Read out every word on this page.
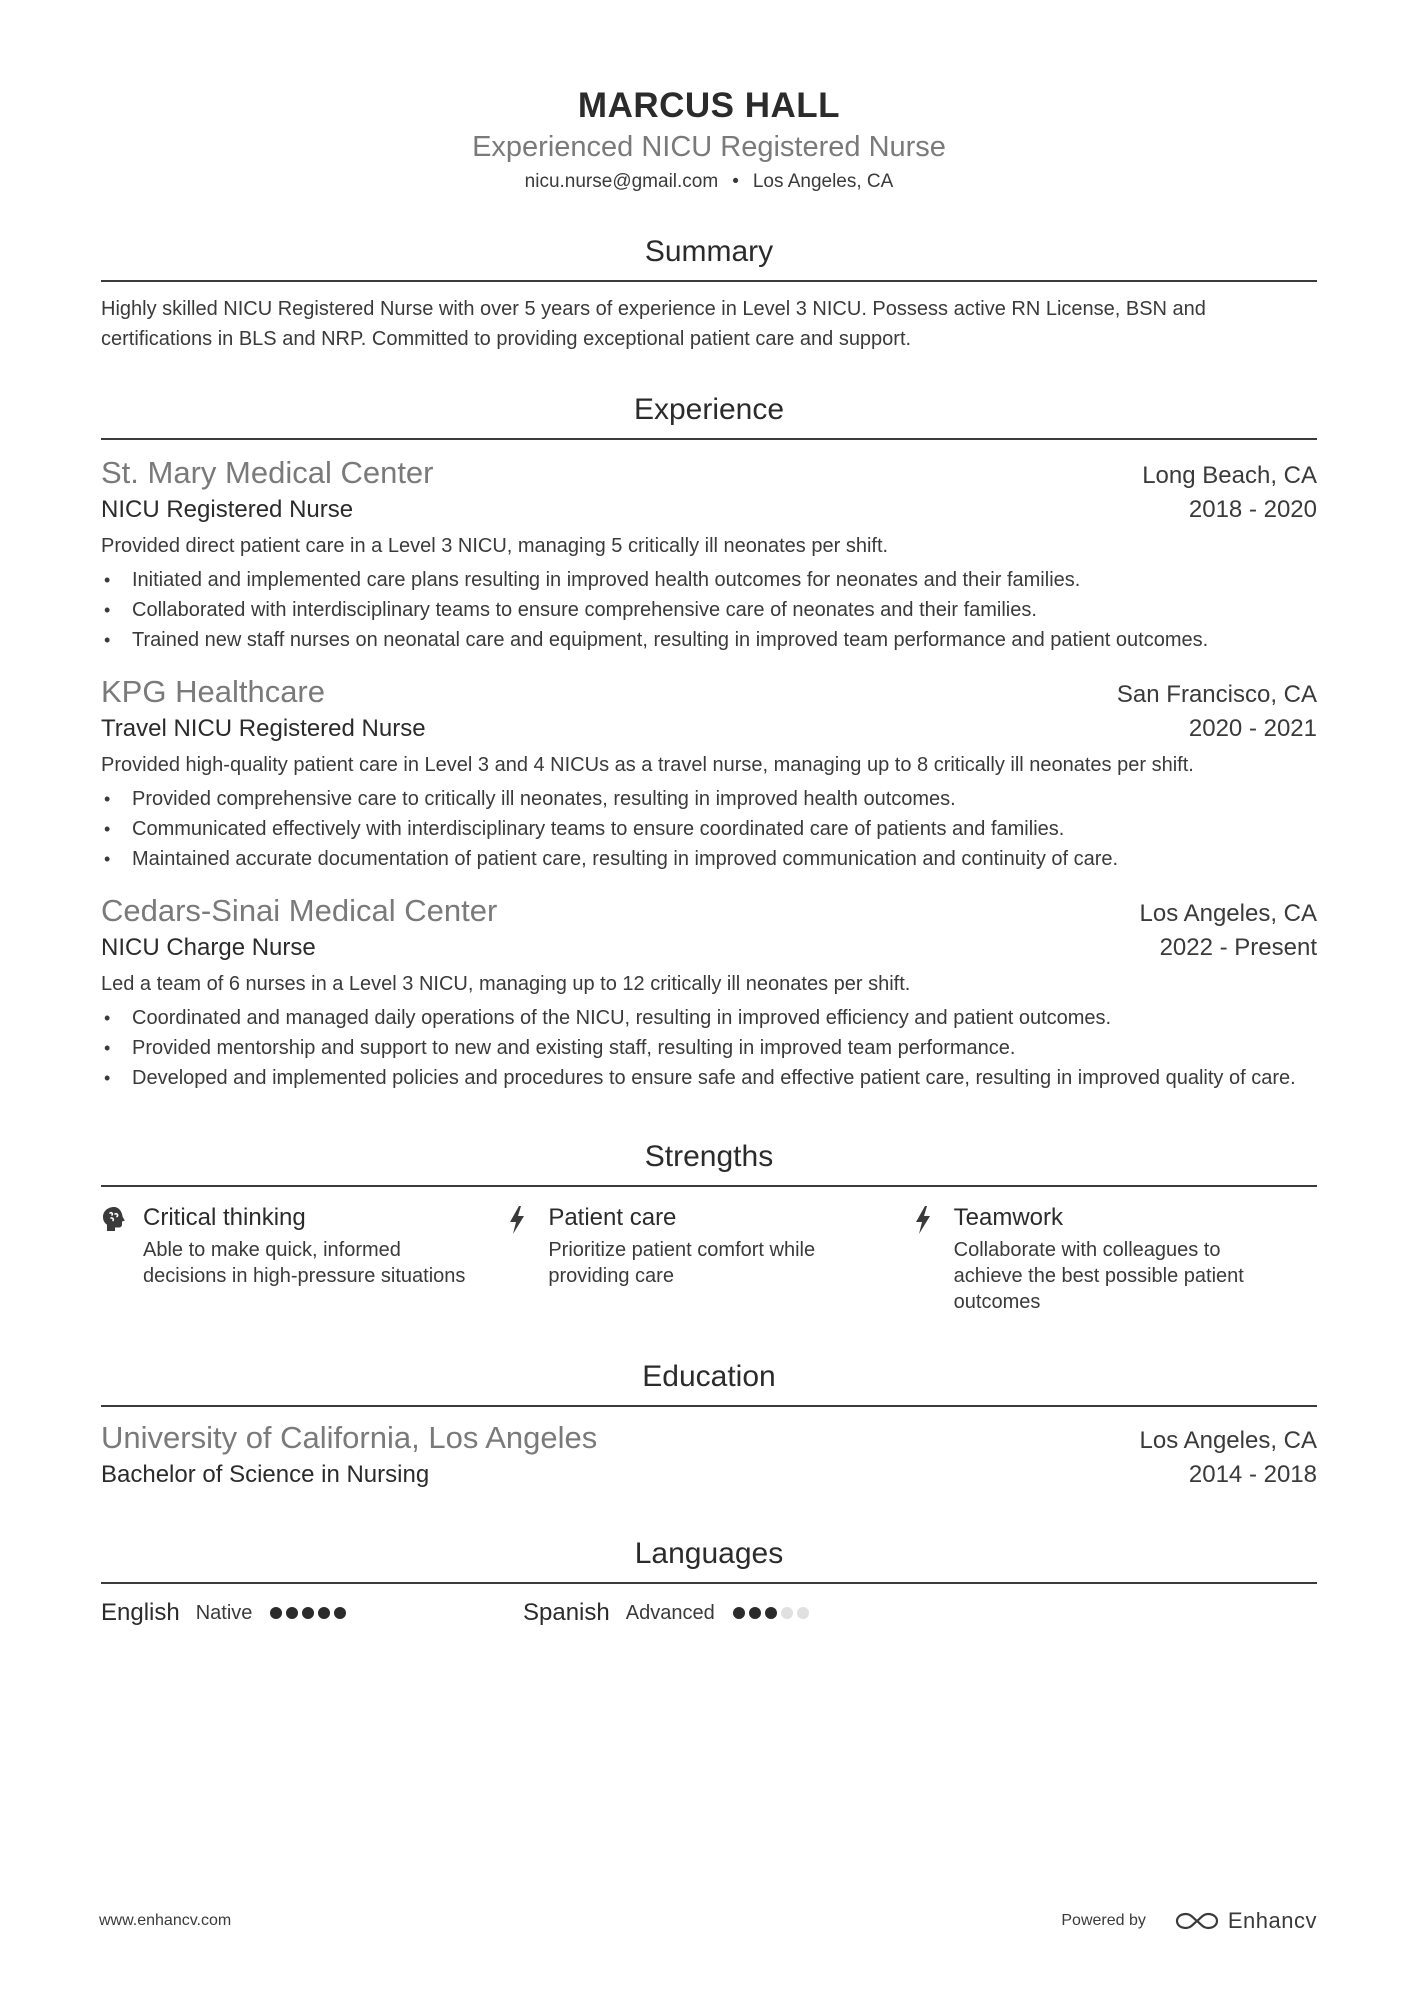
MARCUS HALL
Experienced NICU Registered Nurse
nicu.nurse@gmail.com • Los Angeles, CA
Summary
Highly skilled NICU Registered Nurse with over 5 years of experience in Level 3 NICU. Possess active RN License, BSN and certifications in BLS and NRP. Committed to providing exceptional patient care and support.
Experience
St. Mary Medical Center	Long Beach, CA
NICU Registered Nurse	2018 - 2020
Provided direct patient care in a Level 3 NICU, managing 5 critically ill neonates per shift.
• Initiated and implemented care plans resulting in improved health outcomes for neonates and their families.
• Collaborated with interdisciplinary teams to ensure comprehensive care of neonates and their families.
• Trained new staff nurses on neonatal care and equipment, resulting in improved team performance and patient outcomes.
KPG Healthcare	San Francisco, CA
Travel NICU Registered Nurse	2020 - 2021
Provided high-quality patient care in Level 3 and 4 NICUs as a travel nurse, managing up to 8 critically ill neonates per shift.
• Provided comprehensive care to critically ill neonates, resulting in improved health outcomes.
• Communicated effectively with interdisciplinary teams to ensure coordinated care of patients and families.
• Maintained accurate documentation of patient care, resulting in improved communication and continuity of care.
Cedars-Sinai Medical Center	Los Angeles, CA
NICU Charge Nurse	2022 - Present
Led a team of 6 nurses in a Level 3 NICU, managing up to 12 critically ill neonates per shift.
• Coordinated and managed daily operations of the NICU, resulting in improved efficiency and patient outcomes.
• Provided mentorship and support to new and existing staff, resulting in improved team performance.
• Developed and implemented policies and procedures to ensure safe and effective patient care, resulting in improved quality of care.
Strengths
Critical thinking
Able to make quick, informed decisions in high-pressure situations
Patient care
Prioritize patient comfort while providing care
Teamwork
Collaborate with colleagues to achieve the best possible patient outcomes
Education
University of California, Los Angeles	Los Angeles, CA
Bachelor of Science in Nursing	2014 - 2018
Languages
English Native	Spanish Advanced
www.enhancv.com	Powered by	Enhancv
